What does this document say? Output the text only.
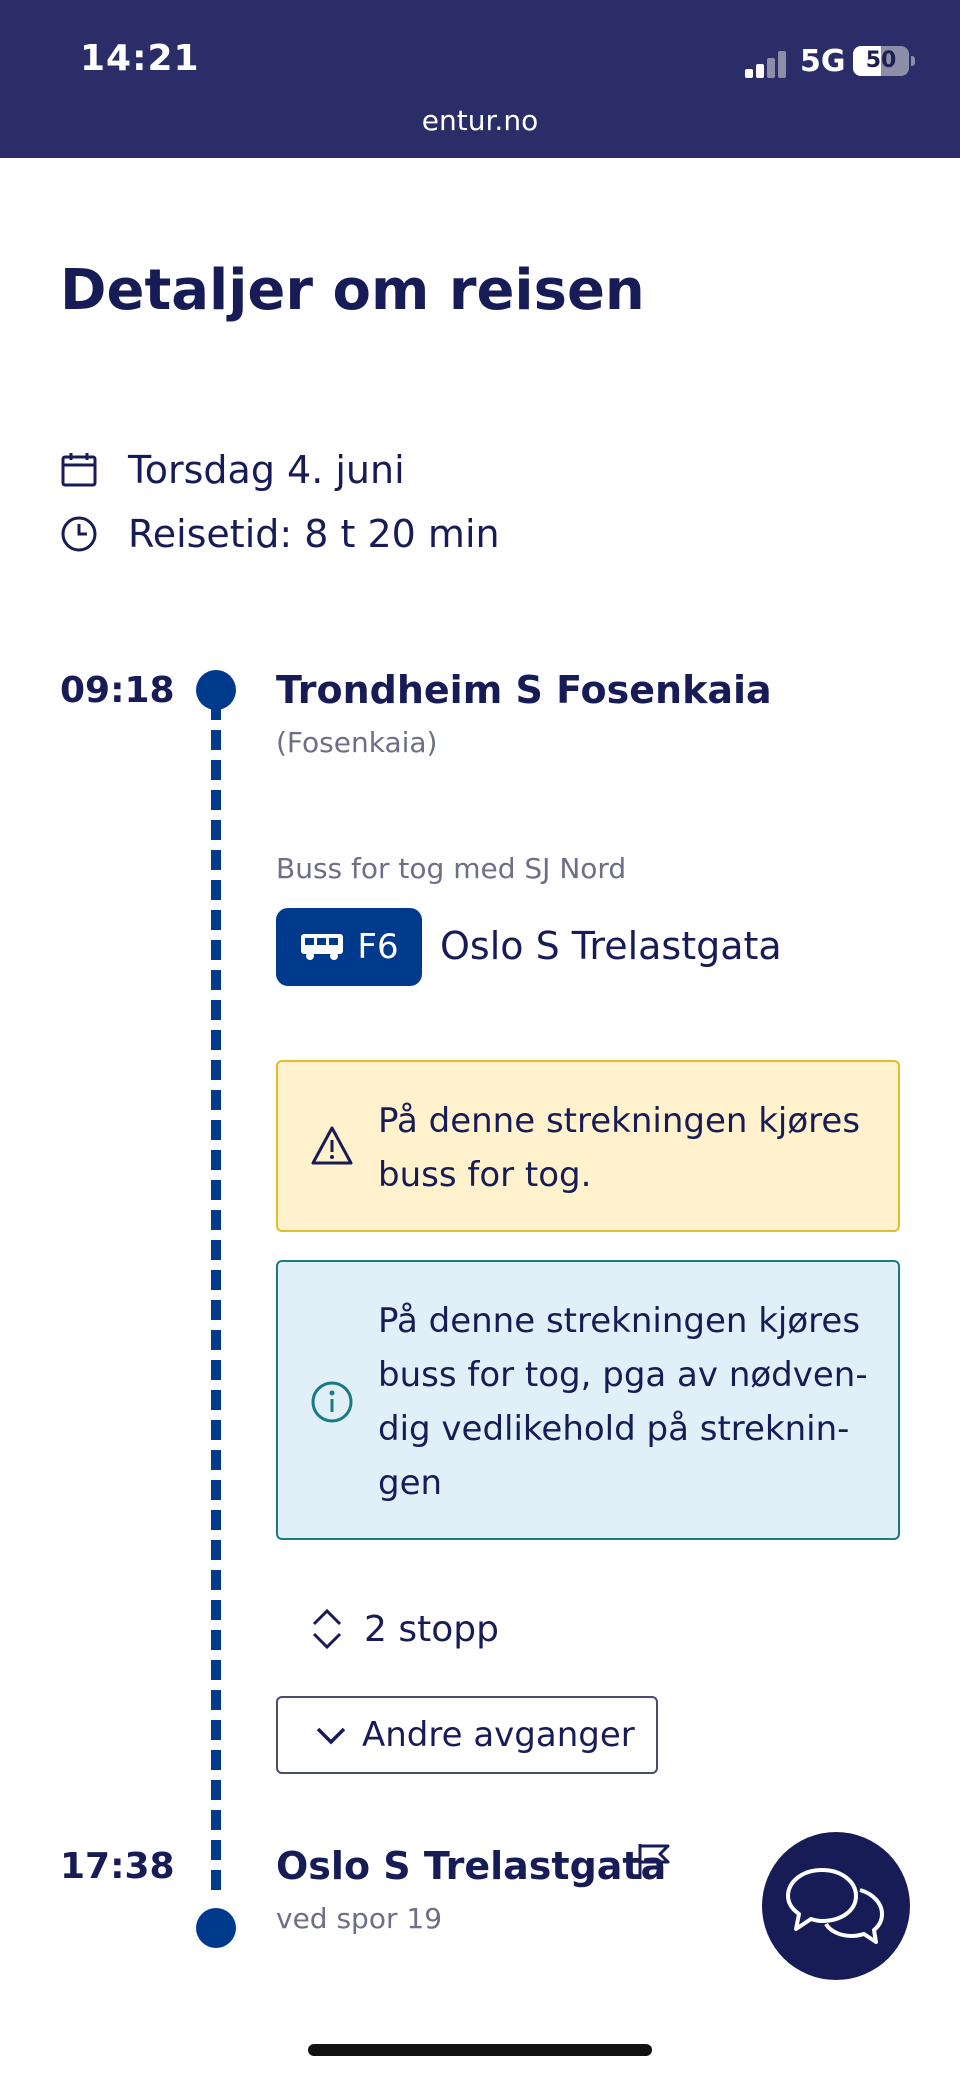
14:21	5G 50
entur.no
Detaljer om reisen
Torsdag 4. juni
Reisetid: 8 t 20 min
09:18	Trondheim S Fosenkaia
(Fosenkaia)
Buss for tog med SJ Nord
F6 Oslo S Trelastgata
På denne strekningen kjøres buss for tog.
På denne strekningen kjøres buss for tog, pga av nødven-dig vedlikehold på streknin-gen
2 stopp
Andre avganger
17:38	Oslo S Trelastgata
ved spor 19
